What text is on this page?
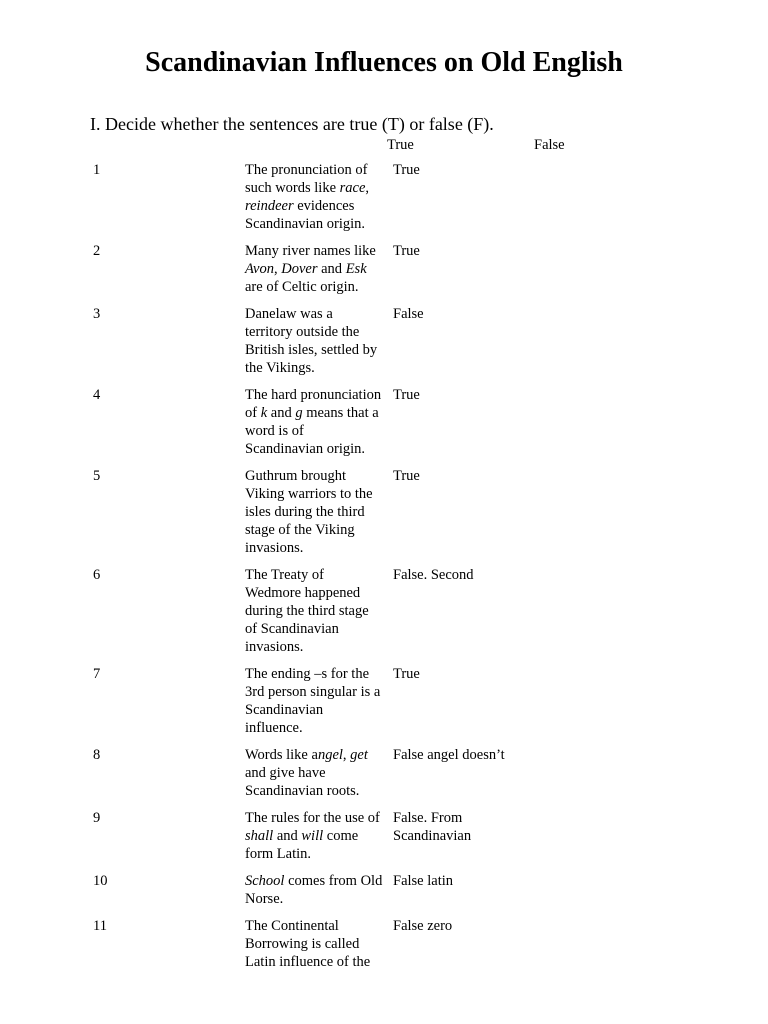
Scandinavian Influences on Old English
I. Decide whether the sentences are true (T) or false (F).
True	False
1	The pronunciation of such words like race, reindeer evidences Scandinavian origin.	True	
2	Many river names like Avon, Dover and Esk are of Celtic origin.	True	
3	Danelaw was a territory outside the British isles, settled by the Vikings.	False	
4	The hard pronunciation of k and g means that a word is of Scandinavian origin.	True	
5	Guthrum brought Viking warriors to the isles during the third stage of the Viking invasions.	True	
6	The Treaty of Wedmore happened during the third stage of Scandinavian invasions.	False. Second	
7	The ending –s for the 3rd person singular is a Scandinavian influence.	True	
8	Words like angel, get and give have Scandinavian roots.	False angel doesn’t	
9	The rules for the use of shall and will come form Latin.	False. From Scandinavian	
10	School comes from Old Norse.	False latin	
11	The Continental Borrowing is called Latin influence of the	False zero	
